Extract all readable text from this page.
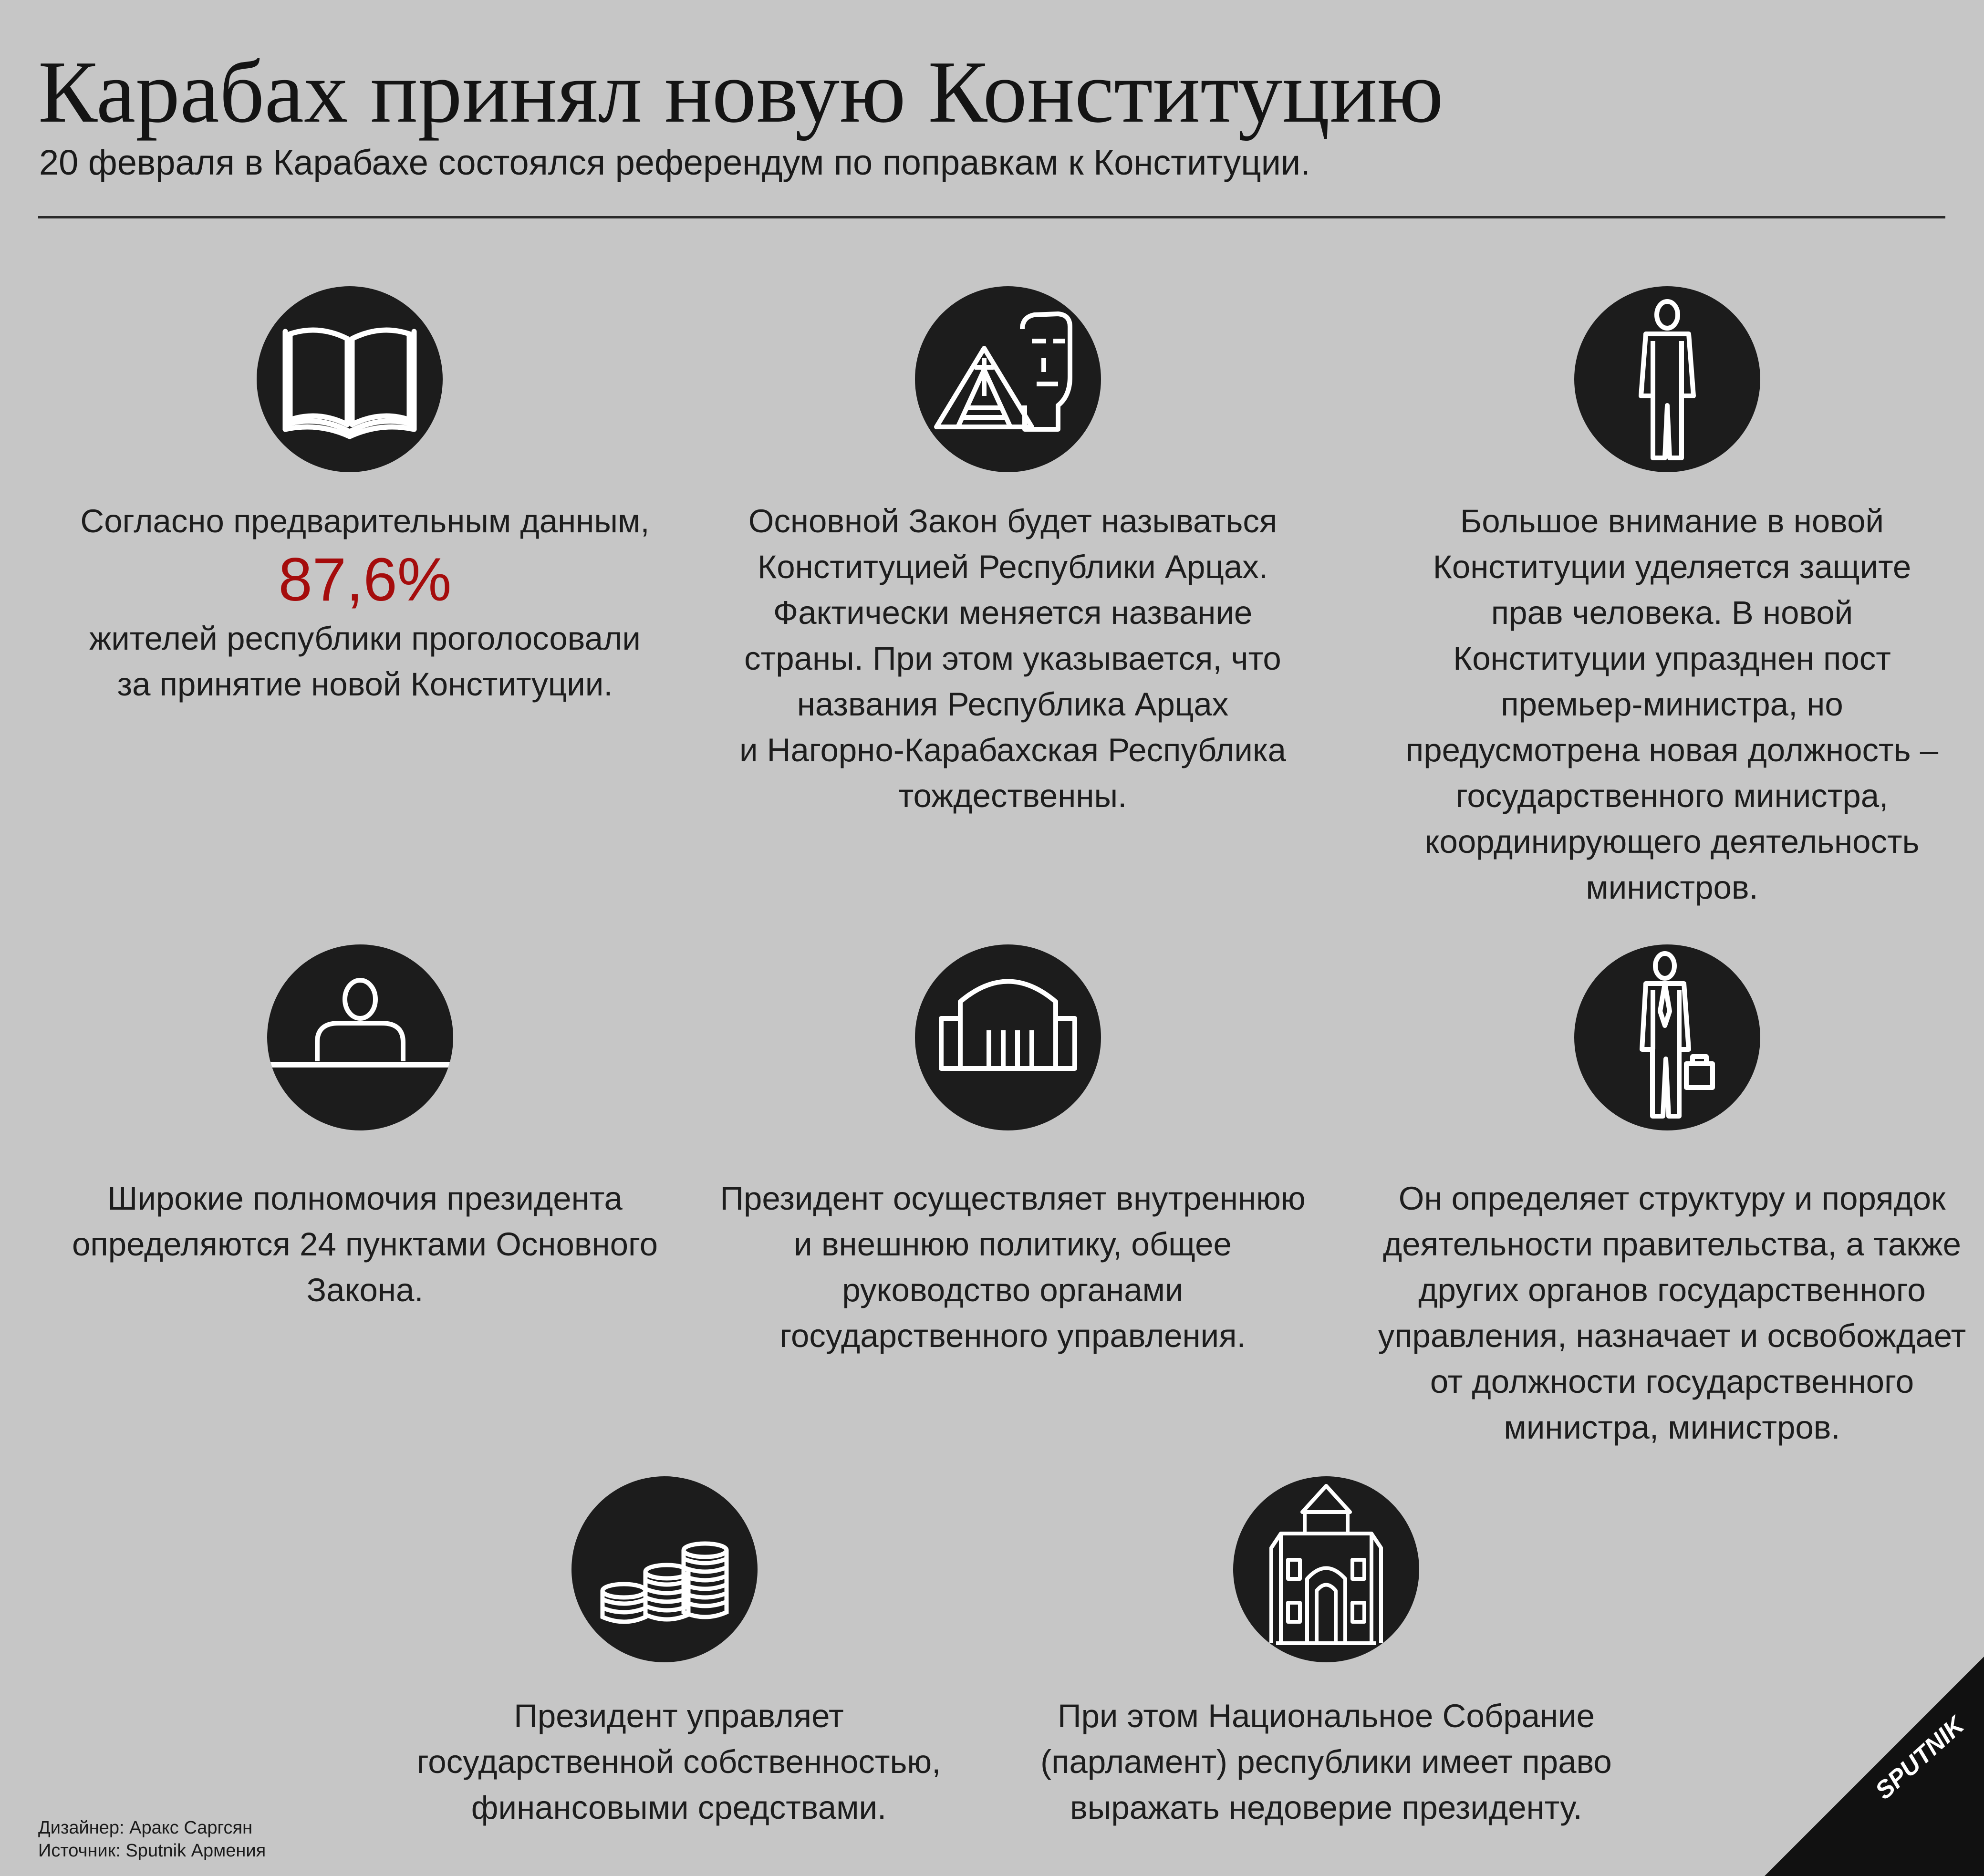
Карабах принял новую Конституцию
20 февраля в Карабахе состоялся референдум по поправкам к Конституции.

Согласно предварительным данным,

87,6%

жителей республики проголосовали

за принятие новой Конституции.

Основной Закон будет называться

Конституцией Республики Арцах.

Фактически меняется название

страны. При этом указывается, что

названия Республика Арцах

и Нагорно-Карабахская Республика

тождественны.

Большое внимание в новой

Конституции уделяется защите

прав человека. В новой

Конституции упразднен пост

премьер-министра, но

предусмотрена новая должность –

государственного министра,

координирующего деятельность

министров.

Широкие полномочия президента

определяются 24 пунктами Основного

Закона.

Президент осуществляет внутреннюю

и внешнюю политику, общее

руководство органами

государственного управления.

Он определяет структуру и порядок

деятельности правительства, а также

других органов государственного

управления, назначает и освобождает

от должности государственного

министра, министров.

Президент управляет

государственной собственностью,

финансовыми средствами.

При этом Национальное Собрание

(парламент) республики имеет право

выражать недоверие президенту.

Дизайнер: Аракс Саргсян
Источник: Sputnik Армения
SPUTNIK
